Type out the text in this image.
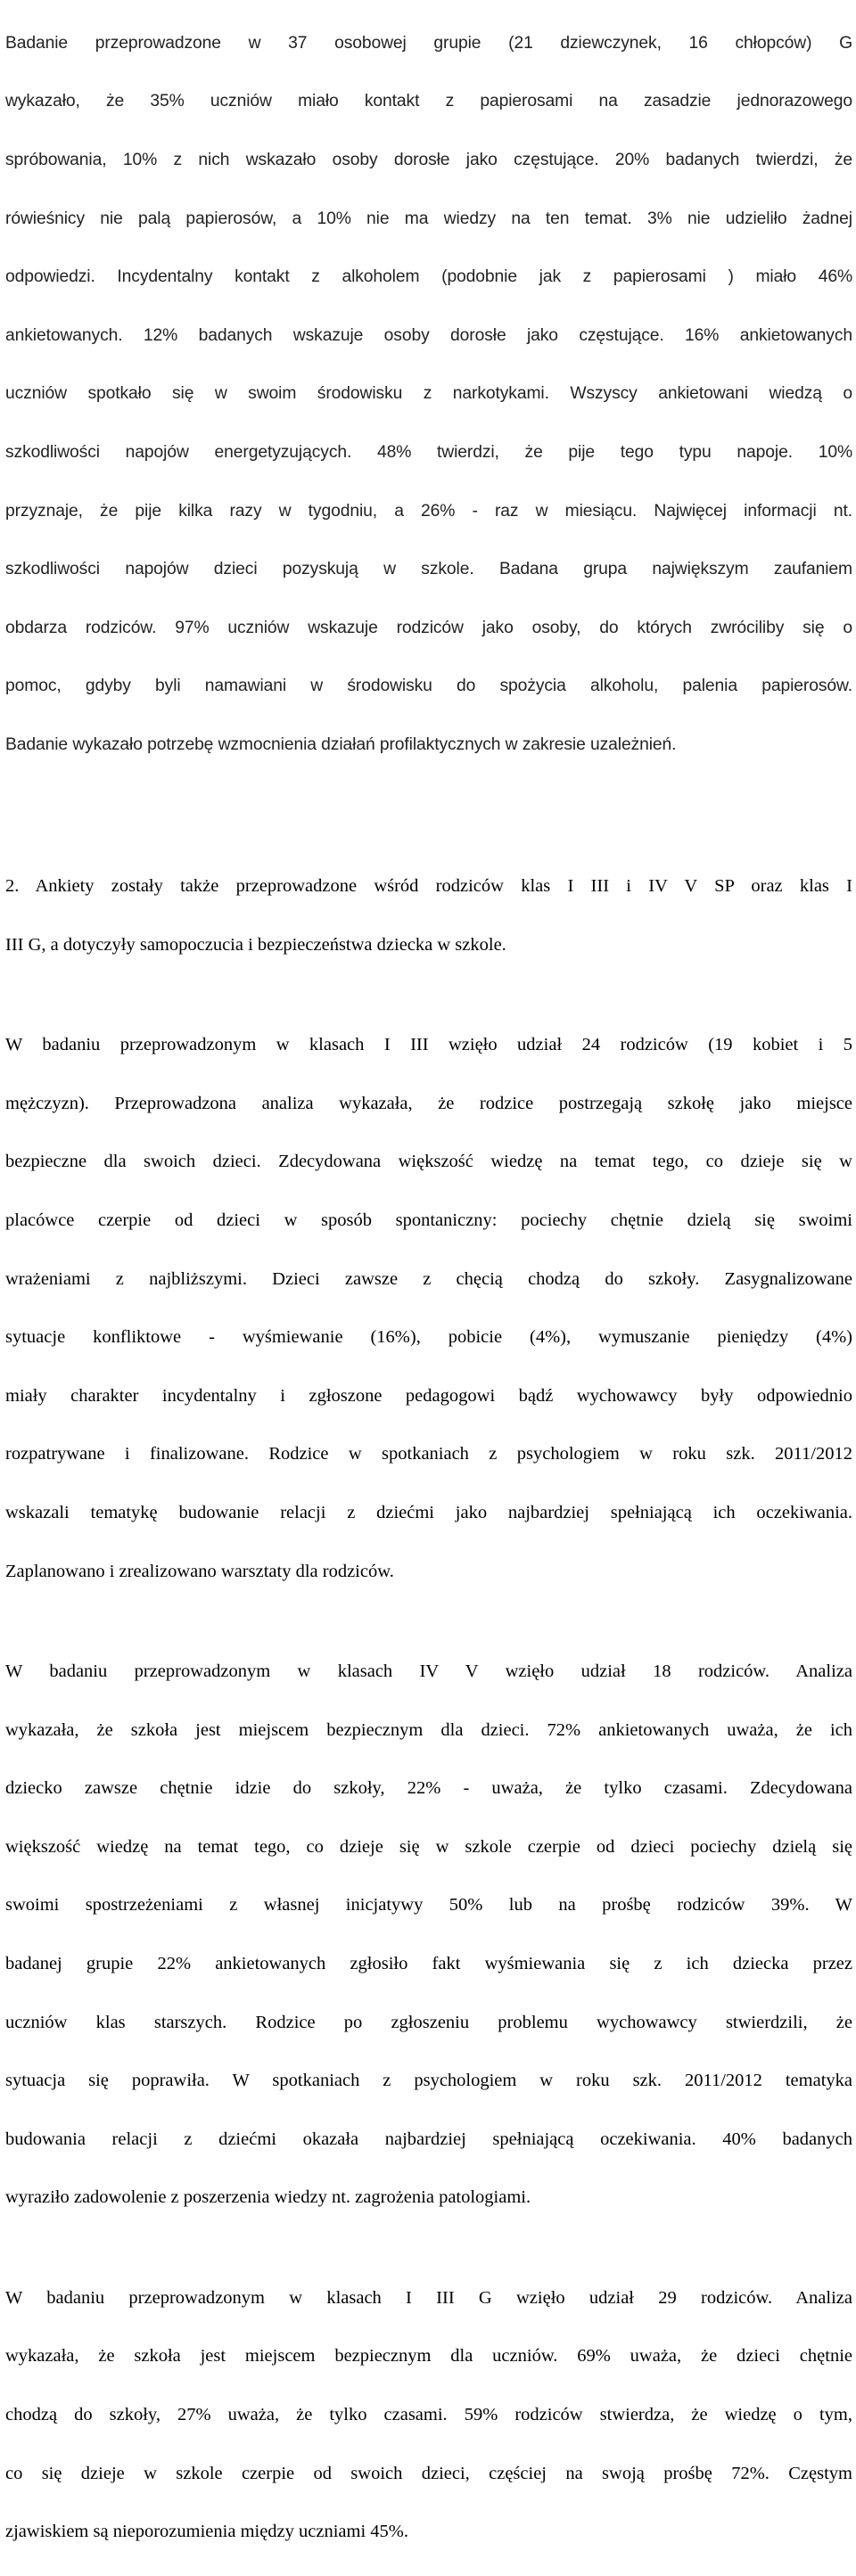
Badanie przeprowadzone w 37 osobowej grupie (21 dziewczynek, 16 chłopców) G

wykazało, że 35% uczniów miało kontakt z papierosami na zasadzie jednorazowego

spróbowania, 10% z nich wskazało osoby dorosłe jako częstujące. 20% badanych twierdzi, że

rówieśnicy nie palą papierosów, a 10% nie ma wiedzy na ten temat. 3% nie udzieliło żadnej

odpowiedzi. Incydentalny kontakt z alkoholem (podobnie jak z papierosami ) miało 46%

ankietowanych. 12% badanych wskazuje osoby dorosłe jako częstujące. 16% ankietowanych

uczniów spotkało się w swoim środowisku z narkotykami. Wszyscy ankietowani wiedzą o

szkodliwości napojów energetyzujących. 48% twierdzi, że pije tego typu napoje. 10%

przyznaje, że pije kilka razy w tygodniu, a 26% - raz w miesiącu. Najwięcej informacji nt.

szkodliwości napojów dzieci pozyskują w szkole. Badana grupa największym zaufaniem

obdarza rodziców. 97% uczniów wskazuje rodziców jako osoby, do których zwróciliby się o

pomoc, gdyby byli namawiani w środowisku do spożycia alkoholu, palenia papierosów.

Badanie wykazało potrzebę wzmocnienia działań profilaktycznych w zakresie uzależnień.

2. Ankiety zostały także przeprowadzone wśród rodziców klas I III i IV V SP oraz klas I

III G, a dotyczyły samopoczucia i bezpieczeństwa dziecka w szkole.

W badaniu przeprowadzonym w klasach I III wzięło udział 24 rodziców (19 kobiet i 5

mężczyzn). Przeprowadzona analiza wykazała, że rodzice postrzegają szkołę jako miejsce

bezpieczne dla swoich dzieci. Zdecydowana większość wiedzę na temat tego, co dzieje się w

placówce czerpie od dzieci w sposób spontaniczny: pociechy chętnie dzielą się swoimi

wrażeniami z najbliższymi. Dzieci zawsze z chęcią chodzą do szkoły. Zasygnalizowane

sytuacje konfliktowe - wyśmiewanie (16%), pobicie (4%), wymuszanie pieniędzy (4%)

miały charakter incydentalny i zgłoszone pedagogowi bądź wychowawcy były odpowiednio

rozpatrywane i finalizowane. Rodzice w spotkaniach z psychologiem w roku szk. 2011/2012

wskazali tematykę budowanie relacji z dziećmi jako najbardziej spełniającą ich oczekiwania.

Zaplanowano i zrealizowano warsztaty dla rodziców.

W badaniu przeprowadzonym w klasach IV V wzięło udział 18 rodziców. Analiza

wykazała, że szkoła jest miejscem bezpiecznym dla dzieci. 72% ankietowanych uważa, że ich

dziecko zawsze chętnie idzie do szkoły, 22% - uważa, że tylko czasami. Zdecydowana

większość wiedzę na temat tego, co dzieje się w szkole czerpie od dzieci pociechy dzielą się

swoimi spostrzeżeniami z własnej inicjatywy 50% lub na prośbę rodziców 39%. W

badanej grupie 22% ankietowanych zgłosiło fakt wyśmiewania się z ich dziecka przez

uczniów klas starszych. Rodzice po zgłoszeniu problemu wychowawcy stwierdzili, że

sytuacja się poprawiła. W spotkaniach z psychologiem w roku szk. 2011/2012 tematyka

budowania relacji z dziećmi okazała najbardziej spełniającą oczekiwania. 40% badanych

wyraziło zadowolenie z poszerzenia wiedzy nt. zagrożenia patologiami.

W badaniu przeprowadzonym w klasach I III G wzięło udział 29 rodziców. Analiza

wykazała, że szkoła jest miejscem bezpiecznym dla uczniów. 69% uważa, że dzieci chętnie

chodzą do szkoły, 27% uważa, że tylko czasami. 59% rodziców stwierdza, że wiedzę o tym,

co się dzieje w szkole czerpie od swoich dzieci, częściej na swoją prośbę 72%. Częstym

zjawiskiem są nieporozumienia między uczniami 45%.
